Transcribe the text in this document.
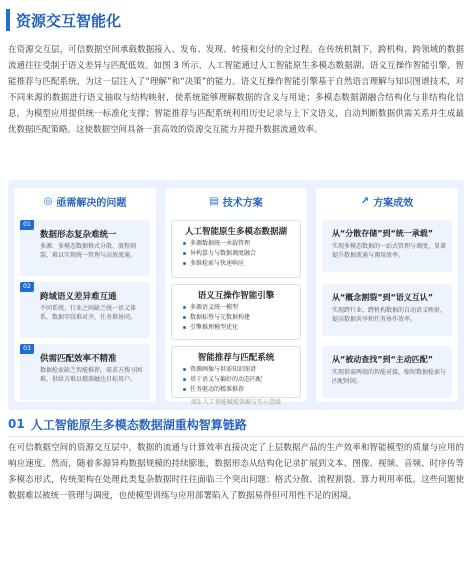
资源交互智能化
在资源交互层，可信数据空间承载数据接入、发布、发现、转接和交付的全过程。在传统机制下，跨机构、跨领域的数据流通往往受制于语义差异与匹配低效。如图 3 所示，人工智能通过人工智能原生多模态数据湖、语义互操作智能引擎、智能推荐与匹配系统，为这一层注入了“理解”和“决策”的能力。语义互操作智能引擎基于自然语言理解与知识图谱技术，对不同来源的数据进行语义抽取与结构映射，使系统能够理解数据的含义与用途；多模态数据湖融合结构化与非结构化信息，为模型应用提供统一标准化支撑；智能推荐与匹配系统利用历史记录与上下文语义，自动判断数据供需关系并生成最优数据匹配策略。这使数据空间具备一套高效的资源交互能力并提升数据流通效率。
◎ 亟需解决的问题
01
数据形态复杂难统一
多源、多模态数据格式分散、流程割裂，难以实现统一管理与高效流通。
02
跨域语义差异难互通
不同系统、行业之间缺乏统一语义体系，数据字段难对齐，任务难协同。
03
供需匹配效率不精准
数据检索缺乏智能推荐，需求方搜寻困难，供给方难以精准触达目标用户。
▤ 技术方案
人工智能原生多模态数据湖
多源数据统一承载管理
异构算力与数据调度融合
多维检索与快速响应
语义互操作智能引擎
多源语义统一模型
数据标签与元数据构建
引擎推理模型优化
智能推荐与匹配系统
资源画像与供需知识图谱
基于语义与偏好的动态匹配
任务驱动的精准推荐
↗ 方案成效
从“分散存储”到“统一承载”
实现多模态数据的一站式管理与调度，显著提升数据流通与调用效率。
从“概念割裂”到“语义互认”
实现跨行业、跨机构数据的自动语义映射，提高数据共享和任务协作效率。
从“被动查找”到“主动匹配”
实现供需两端的智能对接，缩短数据检索与匹配时间。
图3 人工智能赋能资源交互示意图
01 人工智能原生多模态数据湖重构智算链路
在可信数据空间的资源交互层中，数据的流通与计算效率直接决定了上层数据产品的生产效率和智能模型的质量与应用的响应速度。然而，随着多源异构数据规模的持续膨胀，数据形态从结构化记录扩展到文本、图像、视频、音频、时序传等多模态形式，传统架构在处理此类复杂数据时往往面临三个突出问题：格式分散、流程割裂、算力利用率低。这些问题使数据难以被统一管理与调度，也使模型训练与应用部署陷入了数据易得但可用性不足的困境。
